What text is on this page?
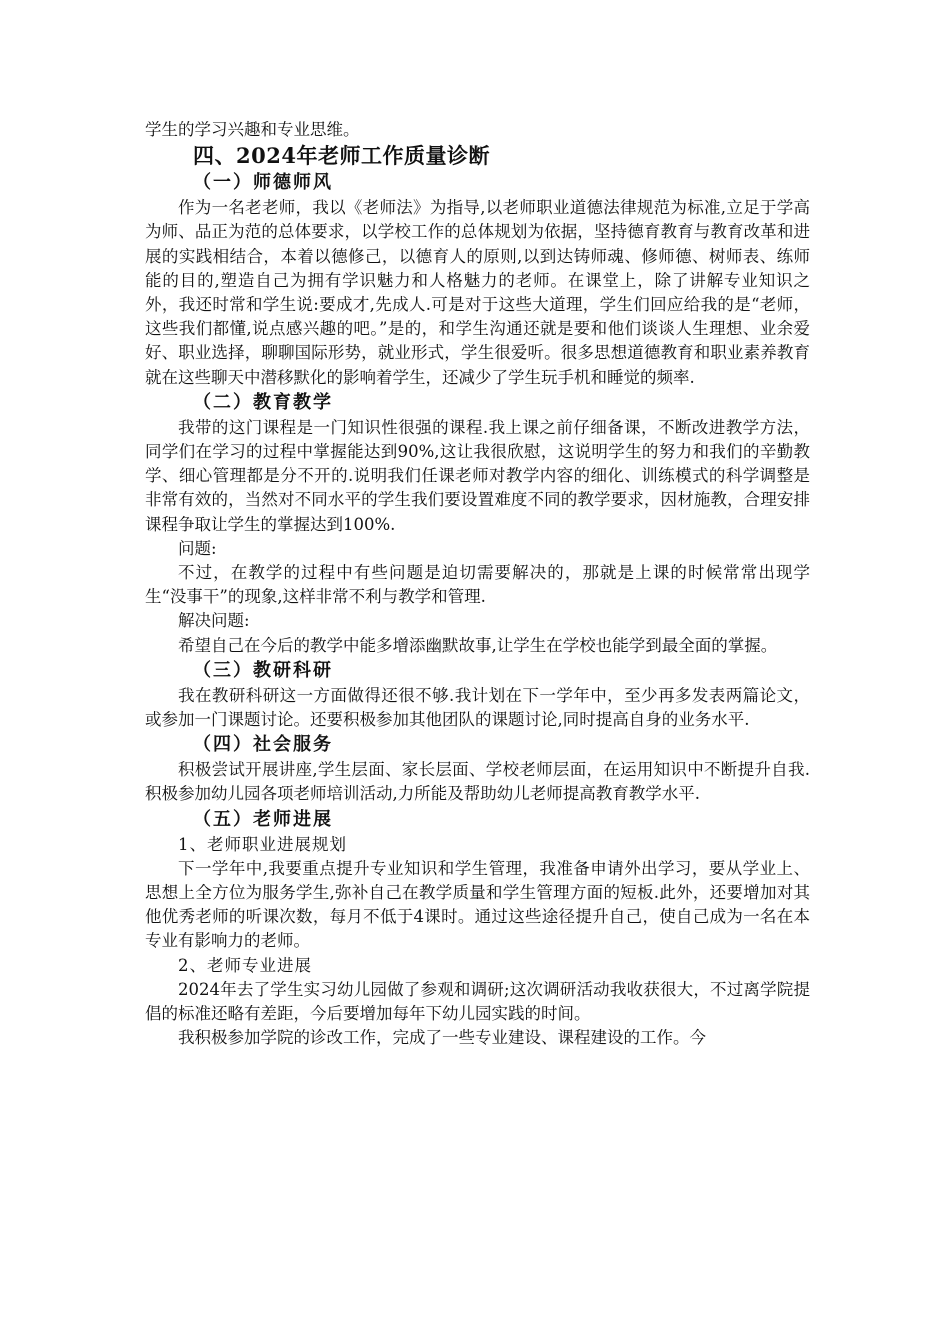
学生的学习兴趣和专业思维。

四、2024年老师工作质量诊断
（一）师德师风

作为一名老老师，我以《老师法》为指导,以老师职业道德法律规范为标准,立足于学高为师、品正为范的总体要求，以学校工作的总体规划为依据，坚持德育教育与教育改革和进展的实践相结合，本着以德修己，以德育人的原则,以到达铸师魂、修师德、树师表、练师能的目的,塑造自己为拥有学识魅力和人格魅力的老师。在课堂上，除了讲解专业知识之外，我还时常和学生说:要成才,先成人.可是对于这些大道理，学生们回应给我的是“老师，这些我们都懂,说点感兴趣的吧。”是的，和学生沟通还就是要和他们谈谈人生理想、业余爱好、职业选择，聊聊国际形势，就业形式，学生很爱听。很多思想道德教育和职业素养教育就在这些聊天中潜移默化的影响着学生，还减少了学生玩手机和睡觉的频率.

（二）教育教学

我带的这门课程是一门知识性很强的课程.我上课之前仔细备课，不断改进教学方法，同学们在学习的过程中掌握能达到90%,这让我很欣慰，这说明学生的努力和我们的辛勤教学、细心管理都是分不开的.说明我们任课老师对教学内容的细化、训练模式的科学调整是非常有效的，当然对不同水平的学生我们要设置难度不同的教学要求，因材施教，合理安排课程争取让学生的掌握达到100%.

问题:

不过，在教学的过程中有些问题是迫切需要解决的，那就是上课的时候常常出现学生“没事干”的现象,这样非常不利与教学和管理.

解决问题:

希望自己在今后的教学中能多增添幽默故事,让学生在学校也能学到最全面的掌握。

（三）教研科研

我在教研科研这一方面做得还很不够.我计划在下一学年中，至少再多发表两篇论文，或参加一门课题讨论。还要积极参加其他团队的课题讨论,同时提高自身的业务水平.

（四）社会服务

积极尝试开展讲座,学生层面、家长层面、学校老师层面，在运用知识中不断提升自我.积极参加幼儿园各项老师培训活动,力所能及帮助幼儿老师提高教育教学水平.

（五）老师进展
1、老师职业进展规划

下一学年中,我要重点提升专业知识和学生管理，我准备申请外出学习，要从学业上、思想上全方位为服务学生,弥补自己在教学质量和学生管理方面的短板.此外，还要增加对其他优秀老师的听课次数，每月不低于4课时。通过这些途径提升自己，使自己成为一名在本专业有影响力的老师。

2、老师专业进展

2024年去了学生实习幼儿园做了参观和调研;这次调研活动我收获很大，不过离学院提倡的标准还略有差距，今后要增加每年下幼儿园实践的时间。

我积极参加学院的诊改工作，完成了一些专业建设、课程建设的工作。今
